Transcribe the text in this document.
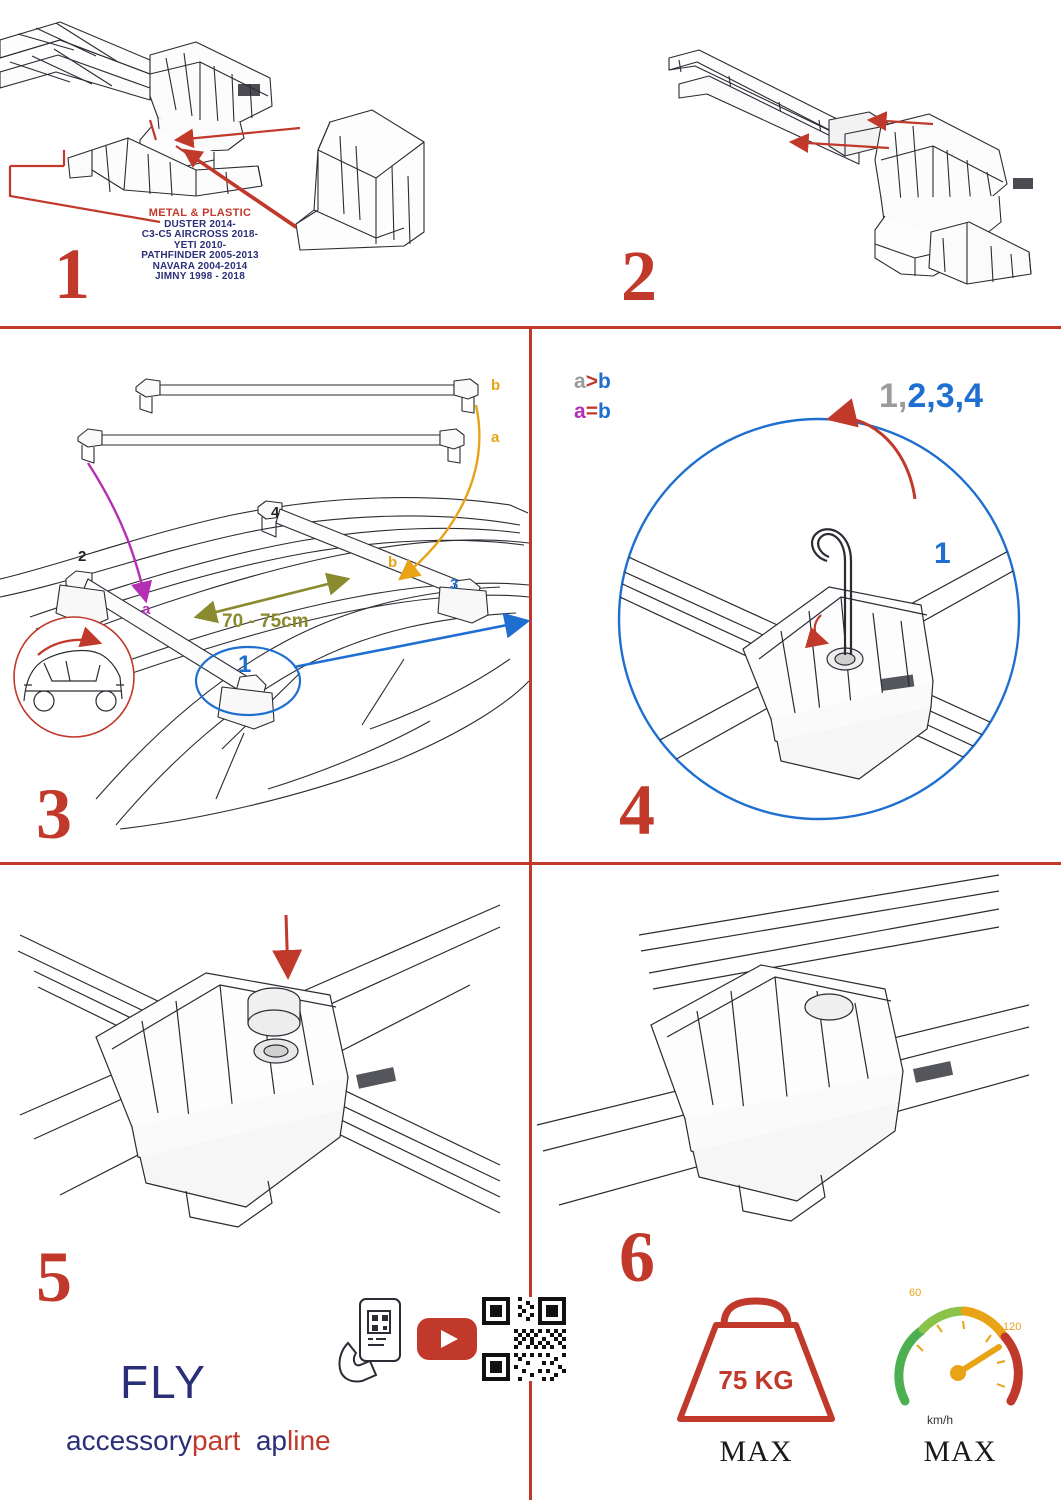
METAL & PLASTIC
DUSTER 2014-
C3-C5 AIRCROSS 2018-
YETI 2010-
PATHFINDER 2005-2013
NAVARA 2004-2014
JIMNY 1998 - 2018
1	2
b
a
b
a
2
3
4
1
70 - 75cm
3
a>b
a=b	1,2,3,4
1
4
5
FLY
accessorypart apline
6
75 KG
MAX
60
120
km/h
MAX
